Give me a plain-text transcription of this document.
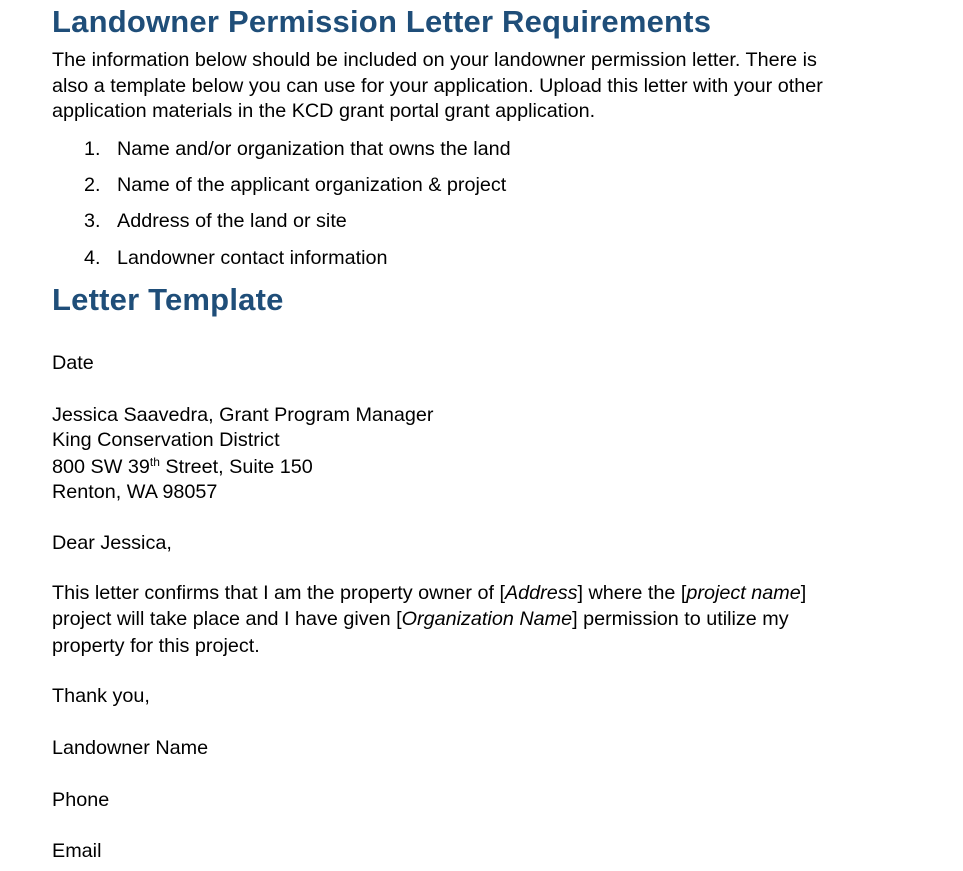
Landowner Permission Letter Requirements

The information below should be included on your landowner permission letter. There is
also a template below you can use for your application. Upload this letter with your other
application materials in the KCD grant portal grant application.

1. Name and/or organization that owns the land
2. Name of the applicant organization & project
3. Address of the land or site
4. Landowner contact information
Letter Template
Date
Jessica Saavedra, Grant Program Manager
King Conservation District
800 SW 39th Street, Suite 150
Renton, WA 98057
Dear Jessica,
This letter confirms that I am the property owner of [Address] where the [project name]
project will take place and I have given [Organization Name] permission to utilize my
property for this project.
Thank you,
Landowner Name
Phone
Email
